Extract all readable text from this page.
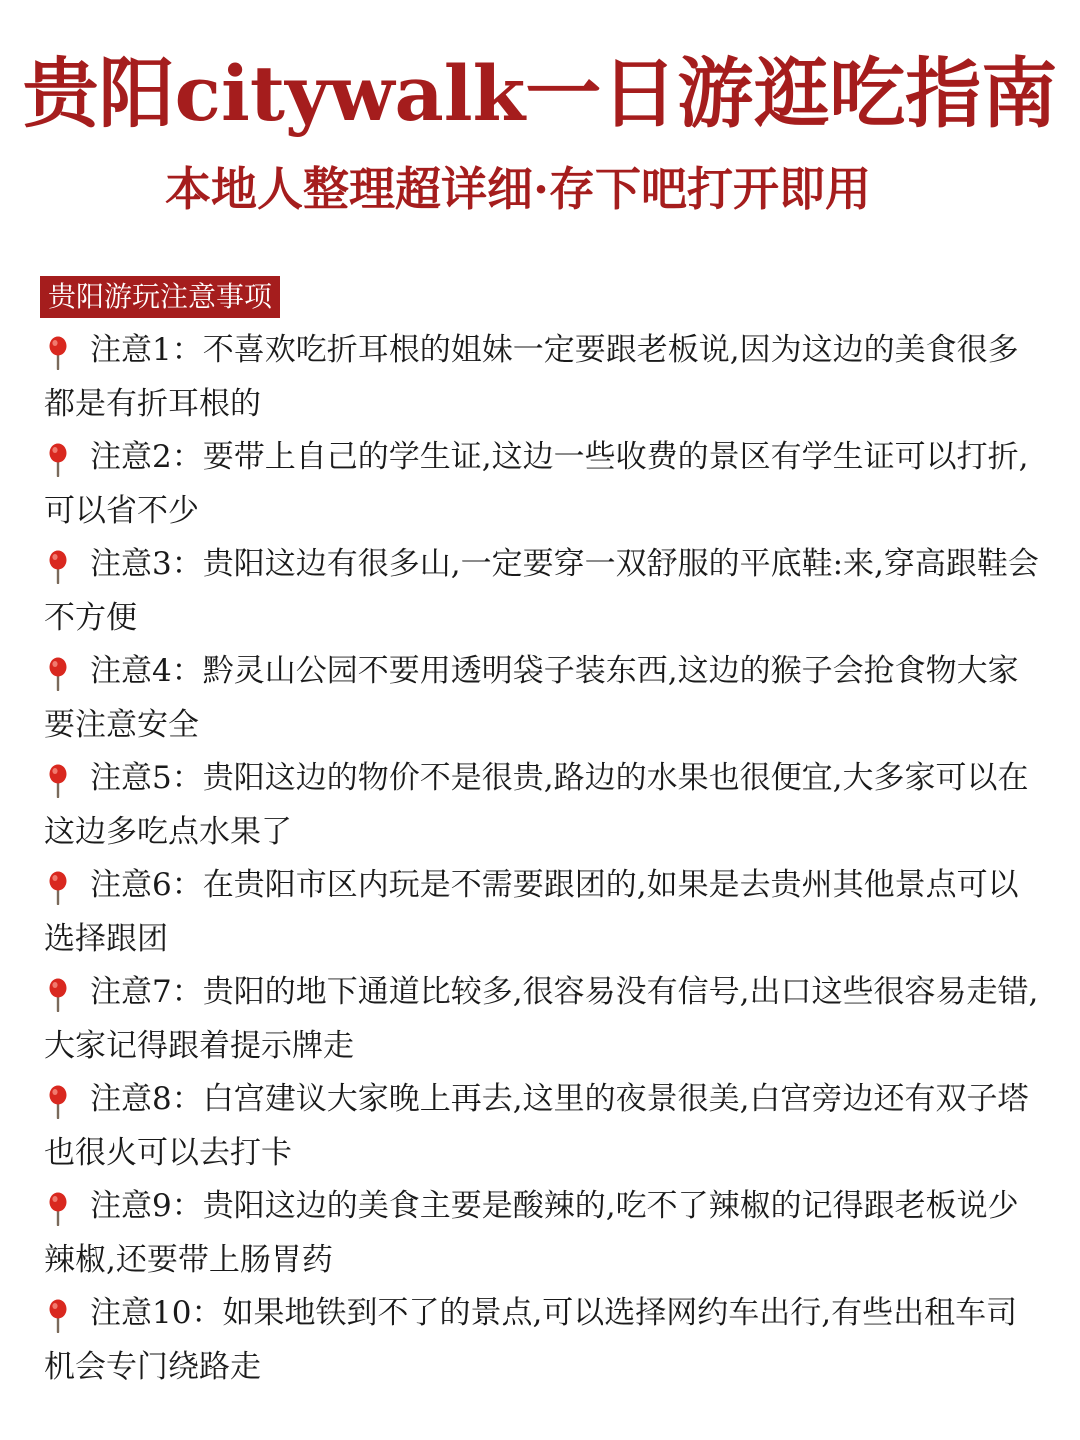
贵阳citywalk一日游逛吃指南
本地人整理超详细·存下吧打开即用
贵阳游玩注意事项
注意1：不喜欢吃折耳根的姐妹一定要跟老板说,因为这边的美食很多都是有折耳根的
注意2：要带上自己的学生证,这边一些收费的景区有学生证可以打折,可以省不少
注意3：贵阳这边有很多山,一定要穿一双舒服的平底鞋:来,穿高跟鞋会不方便
注意4：黔灵山公园不要用透明袋子装东西,这边的猴子会抢食物大家要注意安全
注意5：贵阳这边的物价不是很贵,路边的水果也很便宜,大多家可以在这边多吃点水果了
注意6：在贵阳市区内玩是不需要跟团的,如果是去贵州其他景点可以选择跟团
注意7：贵阳的地下通道比较多,很容易没有信号,出口这些很容易走错,大家记得跟着提示牌走
注意8：白宫建议大家晚上再去,这里的夜景很美,白宫旁边还有双子塔也很火可以去打卡
注意9：贵阳这边的美食主要是酸辣的,吃不了辣椒的记得跟老板说少辣椒,还要带上肠胃药
注意10：如果地铁到不了的景点,可以选择网约车出行,有些出租车司机会专门绕路走
